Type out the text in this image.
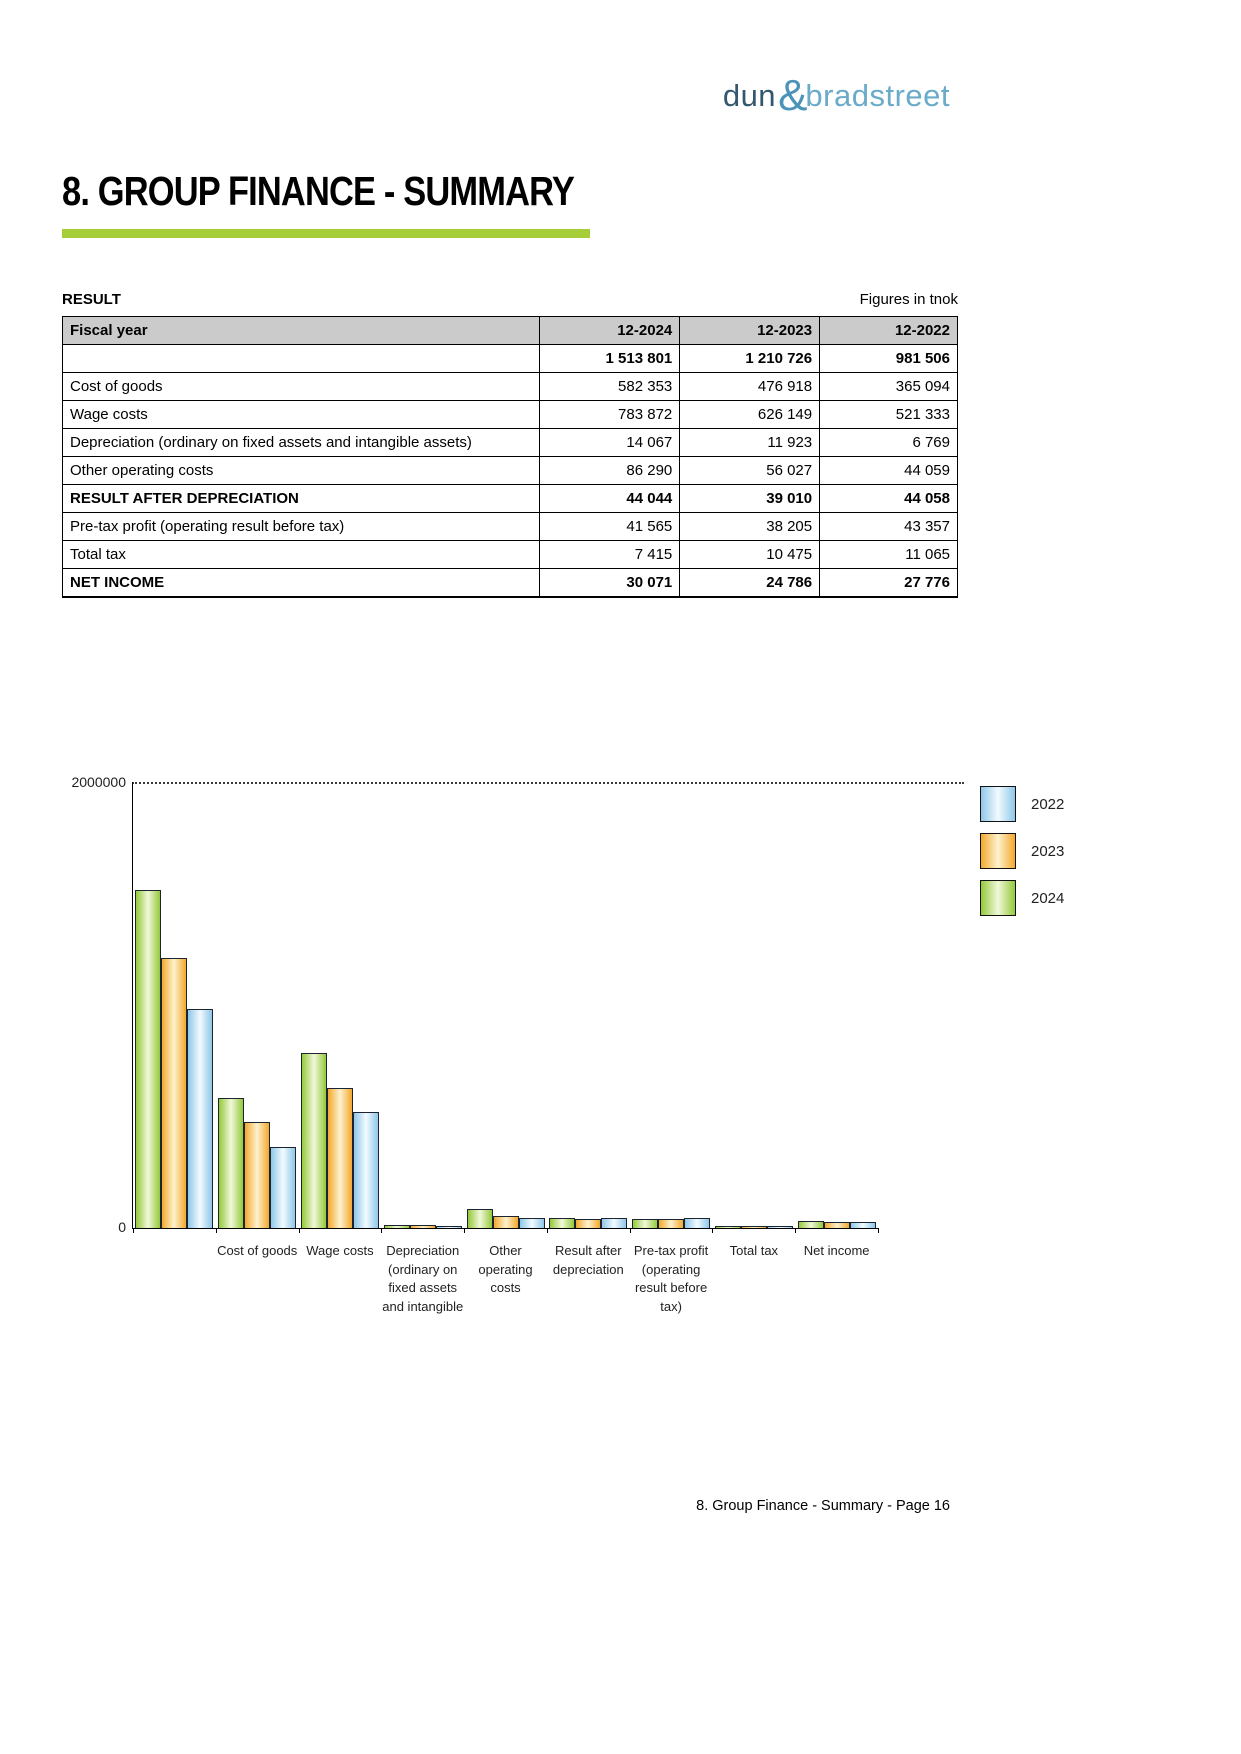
dun &
bradstreet
8. GROUP FINANCE - SUMMARY
RESULT	Figures in tnok
Fiscal year	12-2024	12-2023	12-2022
	1 513 801	1 210 726	981 506
Cost of goods	582 353	476 918	365 094
Wage costs	783 872	626 149	521 333
Depreciation (ordinary on fixed assets and intangible assets)	14 067	11 923	6 769
Other operating costs	86 290	56 027	44 059
RESULT AFTER DEPRECIATION	44 044	39 010	44 058
Pre-tax profit (operating result before tax)	41 565	38 205	43 357
Total tax	7 415	10 475	11 065
NET INCOME	30 071	24 786	27 776
2000000
0
Cost of goods Wage costs Depreciation
(ordinary on
fixed assets
and intangible
Other
operating
costs
Result after
depreciation
Pre-tax profit
(operating
result before
tax)
Total tax	Net income
2022
2023
2024
8. Group Finance - Summary - Page 16
